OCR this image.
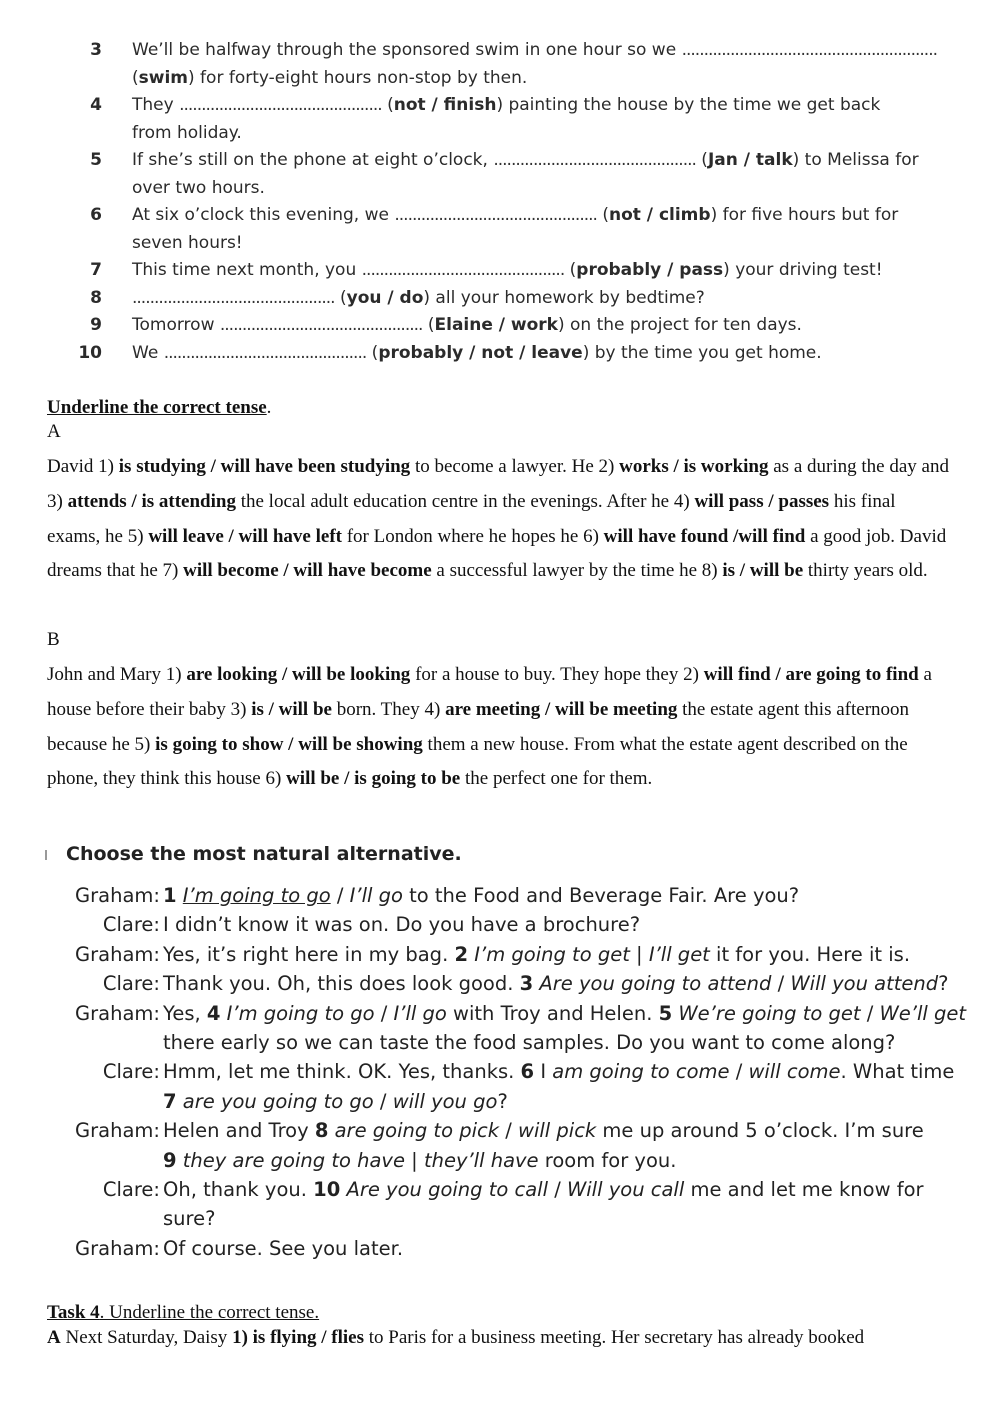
3 We’ll be halfway through the sponsored swim in one hour so we ..........................................................
(swim) for forty-eight hours non-stop by then.
4 They .............................................. (not / finish) painting the house by the time we get back
from holiday.
5 If she’s still on the phone at eight o’clock, .............................................. (Jan / talk) to Melissa for
over two hours.
6 At six o’clock this evening, we .............................................. (not / climb) for five hours but for
seven hours!
7 This time next month, you .............................................. (probably / pass) your driving test!
8 .............................................. (you / do) all your homework by bedtime?
9 Tomorrow .............................................. (Elaine / work) on the project for ten days.
10 We .............................................. (probably / not / leave) by the time you get home.
Underline the correct tense.
A
David 1) is studying / will have been studying to become a lawyer. He 2) works / is working as a during the day and 3) attends / is attending the local adult education centre in the evenings. After he 4) will pass / passes his final exams, he 5) will leave / will have left for London where he hopes he 6) will have found /will find a good job. David dreams that he 7) will become / will have become a successful lawyer by the time he 8) is / will be thirty years old.
B
John and Mary 1) are looking / will be looking for a house to buy. They hope they 2) will find / are going to find a house before their baby 3) is / will be born. They 4) are meeting / will be meeting the estate agent this afternoon because he 5) is going to show / will be showing them a new house. From what the estate agent described on the phone, they think this house 6) will be / is going to be the perfect one for them.
Choose the most natural alternative.
Graham: 1 I’m going to go / I’ll go to the Food and Beverage Fair. Are you?
Clare: I didn’t know it was on. Do you have a brochure?
Graham: Yes, it’s right here in my bag. 2 I’m going to get | I’ll get it for you. Here it is.
Clare: Thank you. Oh, this does look good. 3 Are you going to attend / Will you attend?
Graham: Yes, 4 I’m going to go / I’ll go with Troy and Helen. 5 We’re going to get / We’ll get
there early so we can taste the food samples. Do you want to come along?
Clare: Hmm, let me think. OK. Yes, thanks. 6 I am going to come / will come. What time
7 are you going to go / will you go?
Graham: Helen and Troy 8 are going to pick / will pick me up around 5 o’clock. I’m sure
9 they are going to have | they’ll have room for you.
Clare: Oh, thank you. 10 Are you going to call / Will you call me and let me know for
sure?
Graham: Of course. See you later.
Task 4. Underline the correct tense.
A Next Saturday, Daisy 1) is flying / flies to Paris for a business meeting. Her secretary has already booked
